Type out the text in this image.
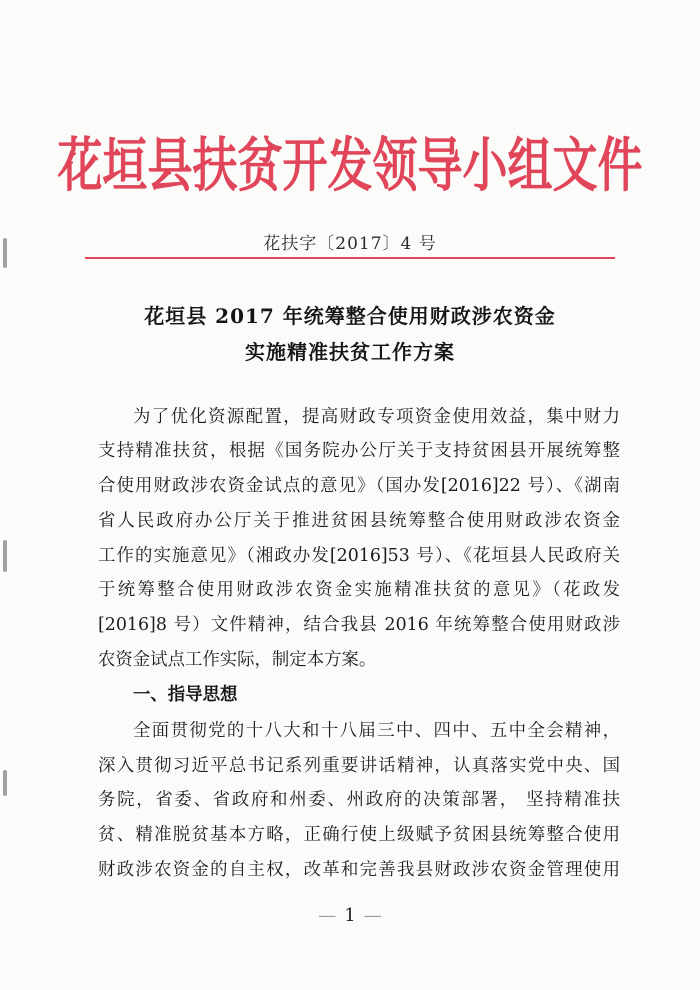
花垣县扶贫开发领导小组文件
花扶字〔2017〕4 号
花垣县 2017 年统筹整合使用财政涉农资金
实施精准扶贫工作方案
为了优化资源配置，提高财政专项资金使用效益，集中财力
支持精准扶贫，根据《国务院办公厅关于支持贫困县开展统筹整
合使用财政涉农资金试点的意见》（国办发[2016]22 号）、《湖南
省人民政府办公厅关于推进贫困县统筹整合使用财政涉农资金
工作的实施意见》（湘政办发[2016]53 号）、《花垣县人民政府关
于统筹整合使用财政涉农资金实施精准扶贫的意见》（花政发
[2016]8 号）文件精神，结合我县 2016 年统筹整合使用财政涉
农资金试点工作实际，制定本方案。
一、指导思想
全面贯彻党的十八大和十八届三中、四中、五中全会精神，
深入贯彻习近平总书记系列重要讲话精神，认真落实党中央、国
务院，省委、省政府和州委、州政府的决策部署， 坚持精准扶
贫、精准脱贫基本方略，正确行使上级赋予贫困县统筹整合使用
财政涉农资金的自主权，改革和完善我县财政涉农资金管理使用
— 1 —
